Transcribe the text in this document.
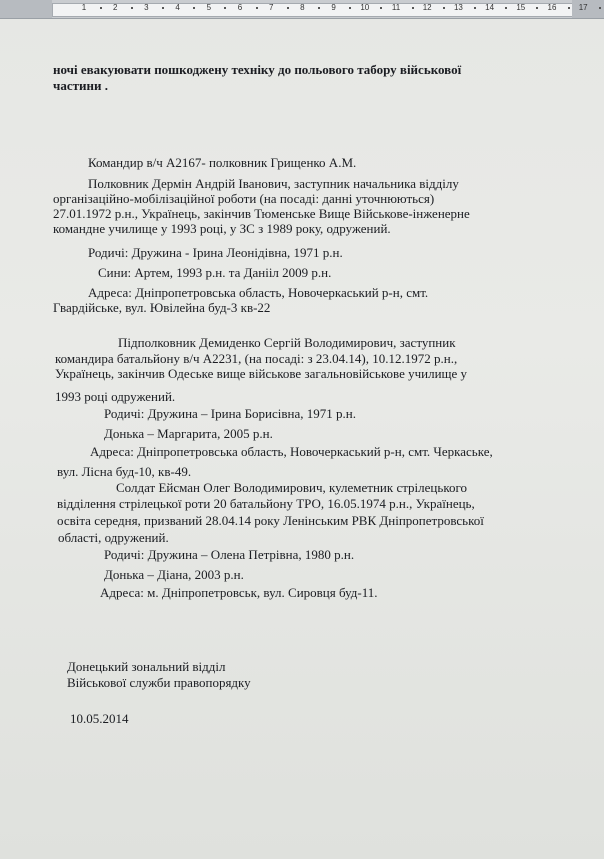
1	2	3	4	5	6	7	8	9	10	11	12	13	14	15	16	17

ночі евакуювати пошкоджену техніку до польового табору військової

частини .

Командир в/ч А2167- полковник Грищенко А.М.

Полковник Дермін Андрій Іванович, заступник начальника відділу

організаційно-мобілізаційної роботи (на посаді: данні уточнюються)

27.01.1972 р.н., Українець, закінчив Тюменське Вище Військове-інженерне

командне училище у 1993 році, у ЗС з 1989 року, одружений.

Родичі: Дружина - Ірина Леонідівна, 1971 р.н.

Сини: Артем, 1993 р.н. та Данііл 2009 р.н.

Адреса: Дніпропетровська область, Новочеркаський р-н, смт.

Гвардійське, вул. Ювілейна буд-3 кв-22

Підполковник Демиденко Сергій Володимирович, заступник

командира батальйону в/ч А2231, (на посаді: з 23.04.14), 10.12.1972 р.н.,

Українець, закінчив Одеське вище військове загальновійськове училище у

1993 році одружений.

Родичі: Дружина – Ірина Борисівна, 1971 р.н.

Донька – Маргарита, 2005 р.н.

Адреса: Дніпропетровська область, Новочеркаський р-н, смт. Черкаське,

вул. Лісна буд-10, кв-49.

Солдат Ейсман Олег Володимирович, кулеметник стрілецького

відділення стрілецької роти 20 батальйону ТРО, 16.05.1974 р.н., Українець,

освіта середня, призваний 28.04.14 року Ленінським РВК Дніпропетровської

області, одружений.

Родичі: Дружина – Олена Петрівна, 1980 р.н.

Донька – Діана, 2003 р.н.

Адреса: м. Дніпропетровськ, вул. Сировця буд-11.

Донецький зональний відділ

Військової служби правопорядку

10.05.2014
